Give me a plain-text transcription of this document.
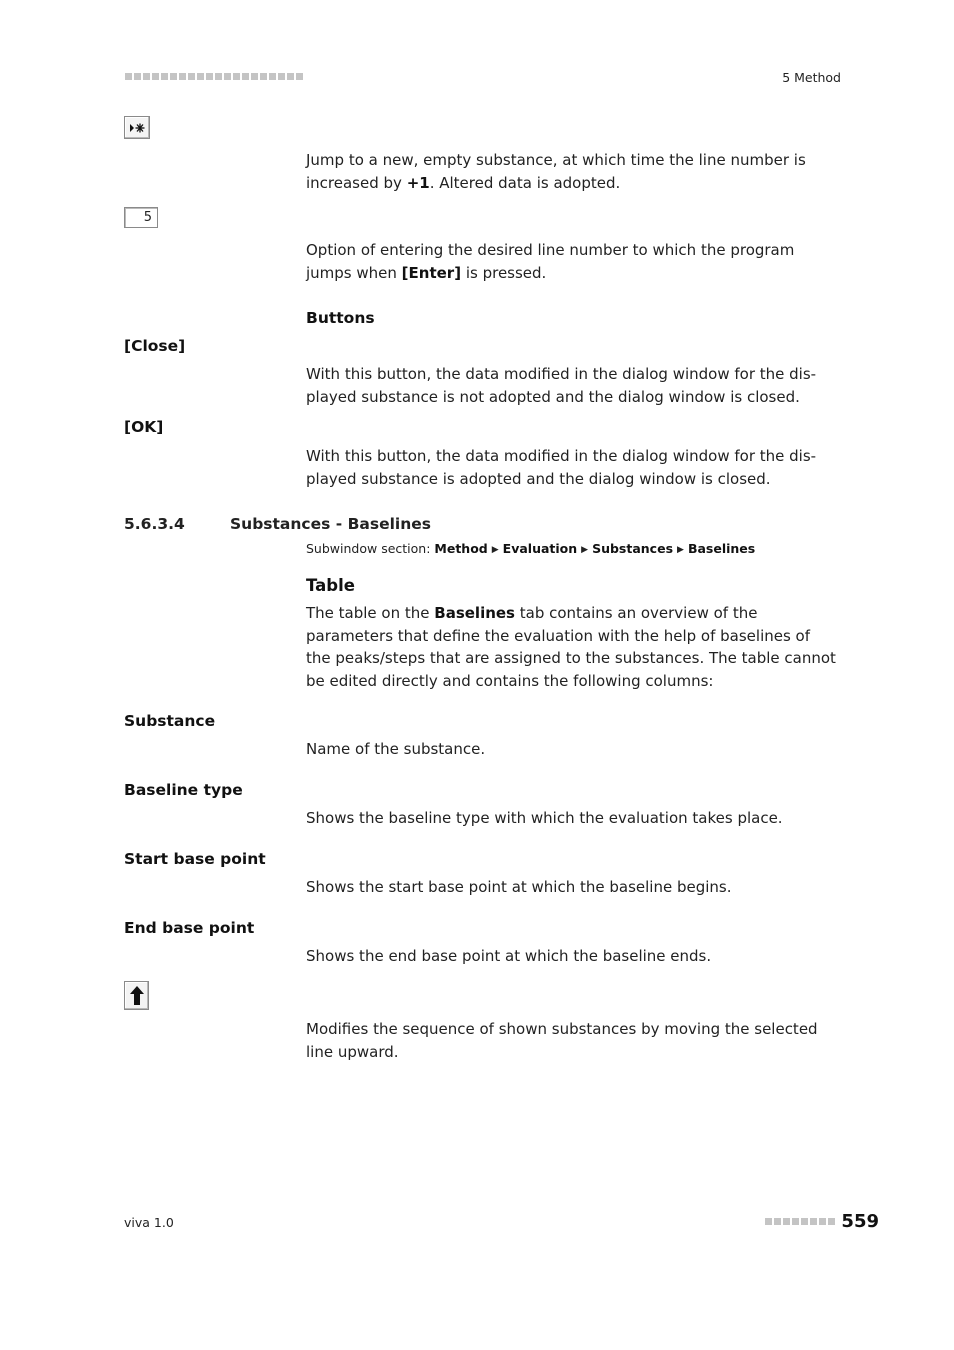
5 Method
Jump to a new, empty substance, at which time the line number is increased by +1. Altered data is adopted.
5
Option of entering the desired line number to which the program jumps when [Enter] is pressed.
Buttons
[Close]
With this button, the data modified in the dialog window for the dis-played substance is not adopted and the dialog window is closed.
[OK]
With this button, the data modified in the dialog window for the dis-played substance is adopted and the dialog window is closed.
5.6.3.4	Substances - Baselines
Subwindow section: Method ▶ Evaluation ▶ Substances ▶ Baselines
Table
The table on the Baselines tab contains an overview of the parameters that define the evaluation with the help of baselines of the peaks/steps that are assigned to the substances. The table cannot be edited directly and contains the following columns:
Substance
Name of the substance.
Baseline type
Shows the baseline type with which the evaluation takes place.
Start base point
Shows the start base point at which the baseline begins.
End base point
Shows the end base point at which the baseline ends.
Modifies the sequence of shown substances by moving the selected line upward.
viva 1.0	559
